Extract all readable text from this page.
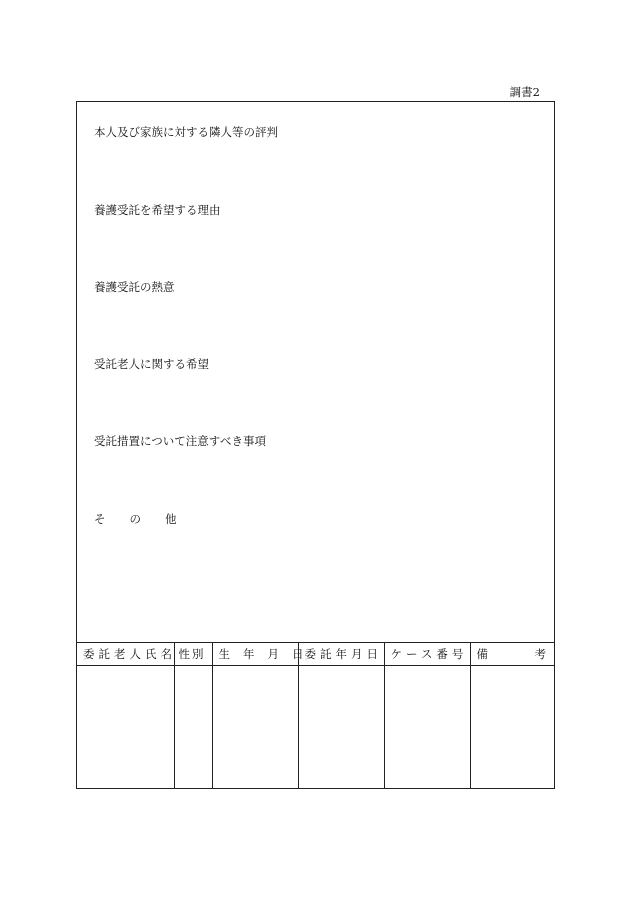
調書2
本人及び家族に対する隣人等の評判
養護受託を希望する理由
養護受託の熱意
受託老人に関する希望
受託措置について注意すべき事項
そ の 他
委託老人氏名	性別	生 年 月 日	委託年月日	ケース番号	備 考
